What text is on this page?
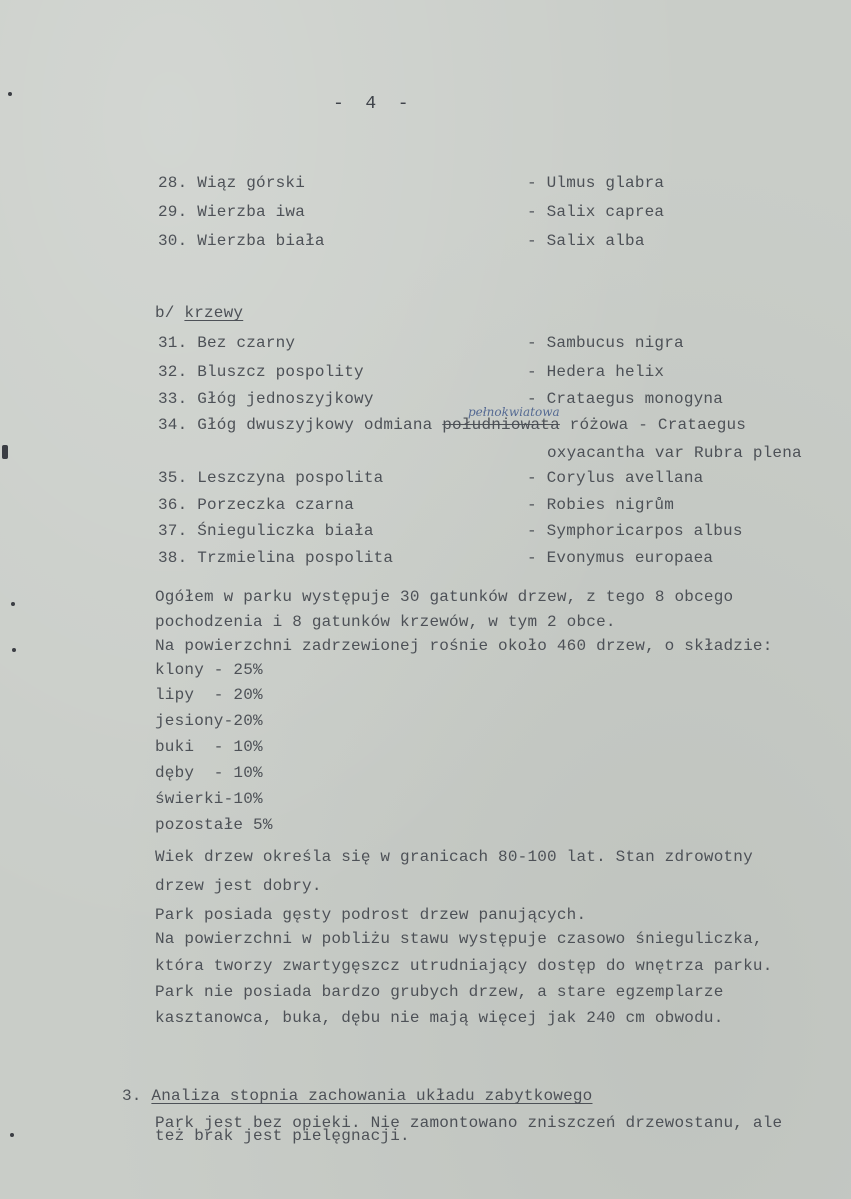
-  4  -
28. Wiąz górski	- Ulmus glabra
29. Wierzba iwa	- Salix caprea
30. Wierzba biała	- Salix alba
b/ krzewy
31. Bez czarny	- Sambucus nigra
32. Bluszcz pospolity	- Hedera helix
33. Głóg jednoszyjkowy	- Crataegus monogyna
pełnokwiatowa
34. Głóg dwuszyjkowy odmiana południowata różowa - Crataegus
oxyacantha var Rubra plena
35. Leszczyna pospolita	- Corylus avellana
36. Porzeczka czarna	- Robies nigrům
37. Śnieguliczka biała	- Symphoricarpos albus
38. Trzmielina pospolita	- Evonymus europaea
Ogółem w parku występuje 30 gatunków drzew, z tego 8 obcego
pochodzenia i 8 gatunków krzewów, w tym 2 obce.
Na powierzchni zadrzewionej rośnie około 460 drzew, o składzie:
klony - 25%
lipy  - 20%
jesiony-20%
buki  - 10%
dęby  - 10%
świerki-10%
pozostałe 5%
Wiek drzew określa się w granicach 80-100 lat. Stan zdrowotny
drzew jest dobry.
Park posiada gęsty podrost drzew panujących.
Na powierzchni w pobliżu stawu występuje czasowo śnieguliczka,
która tworzy zwartygęszcz utrudniający dostęp do wnętrza parku.
Park nie posiada bardzo grubych drzew, a stare egzemplarze
kasztanowca, buka, dębu nie mają więcej jak 240 cm obwodu.
3. Analiza stopnia zachowania układu zabytkowego
Park jest bez opieki. Nie zamontowano zniszczeń drzewostanu, ale
też brak jest pielęgnacji.
